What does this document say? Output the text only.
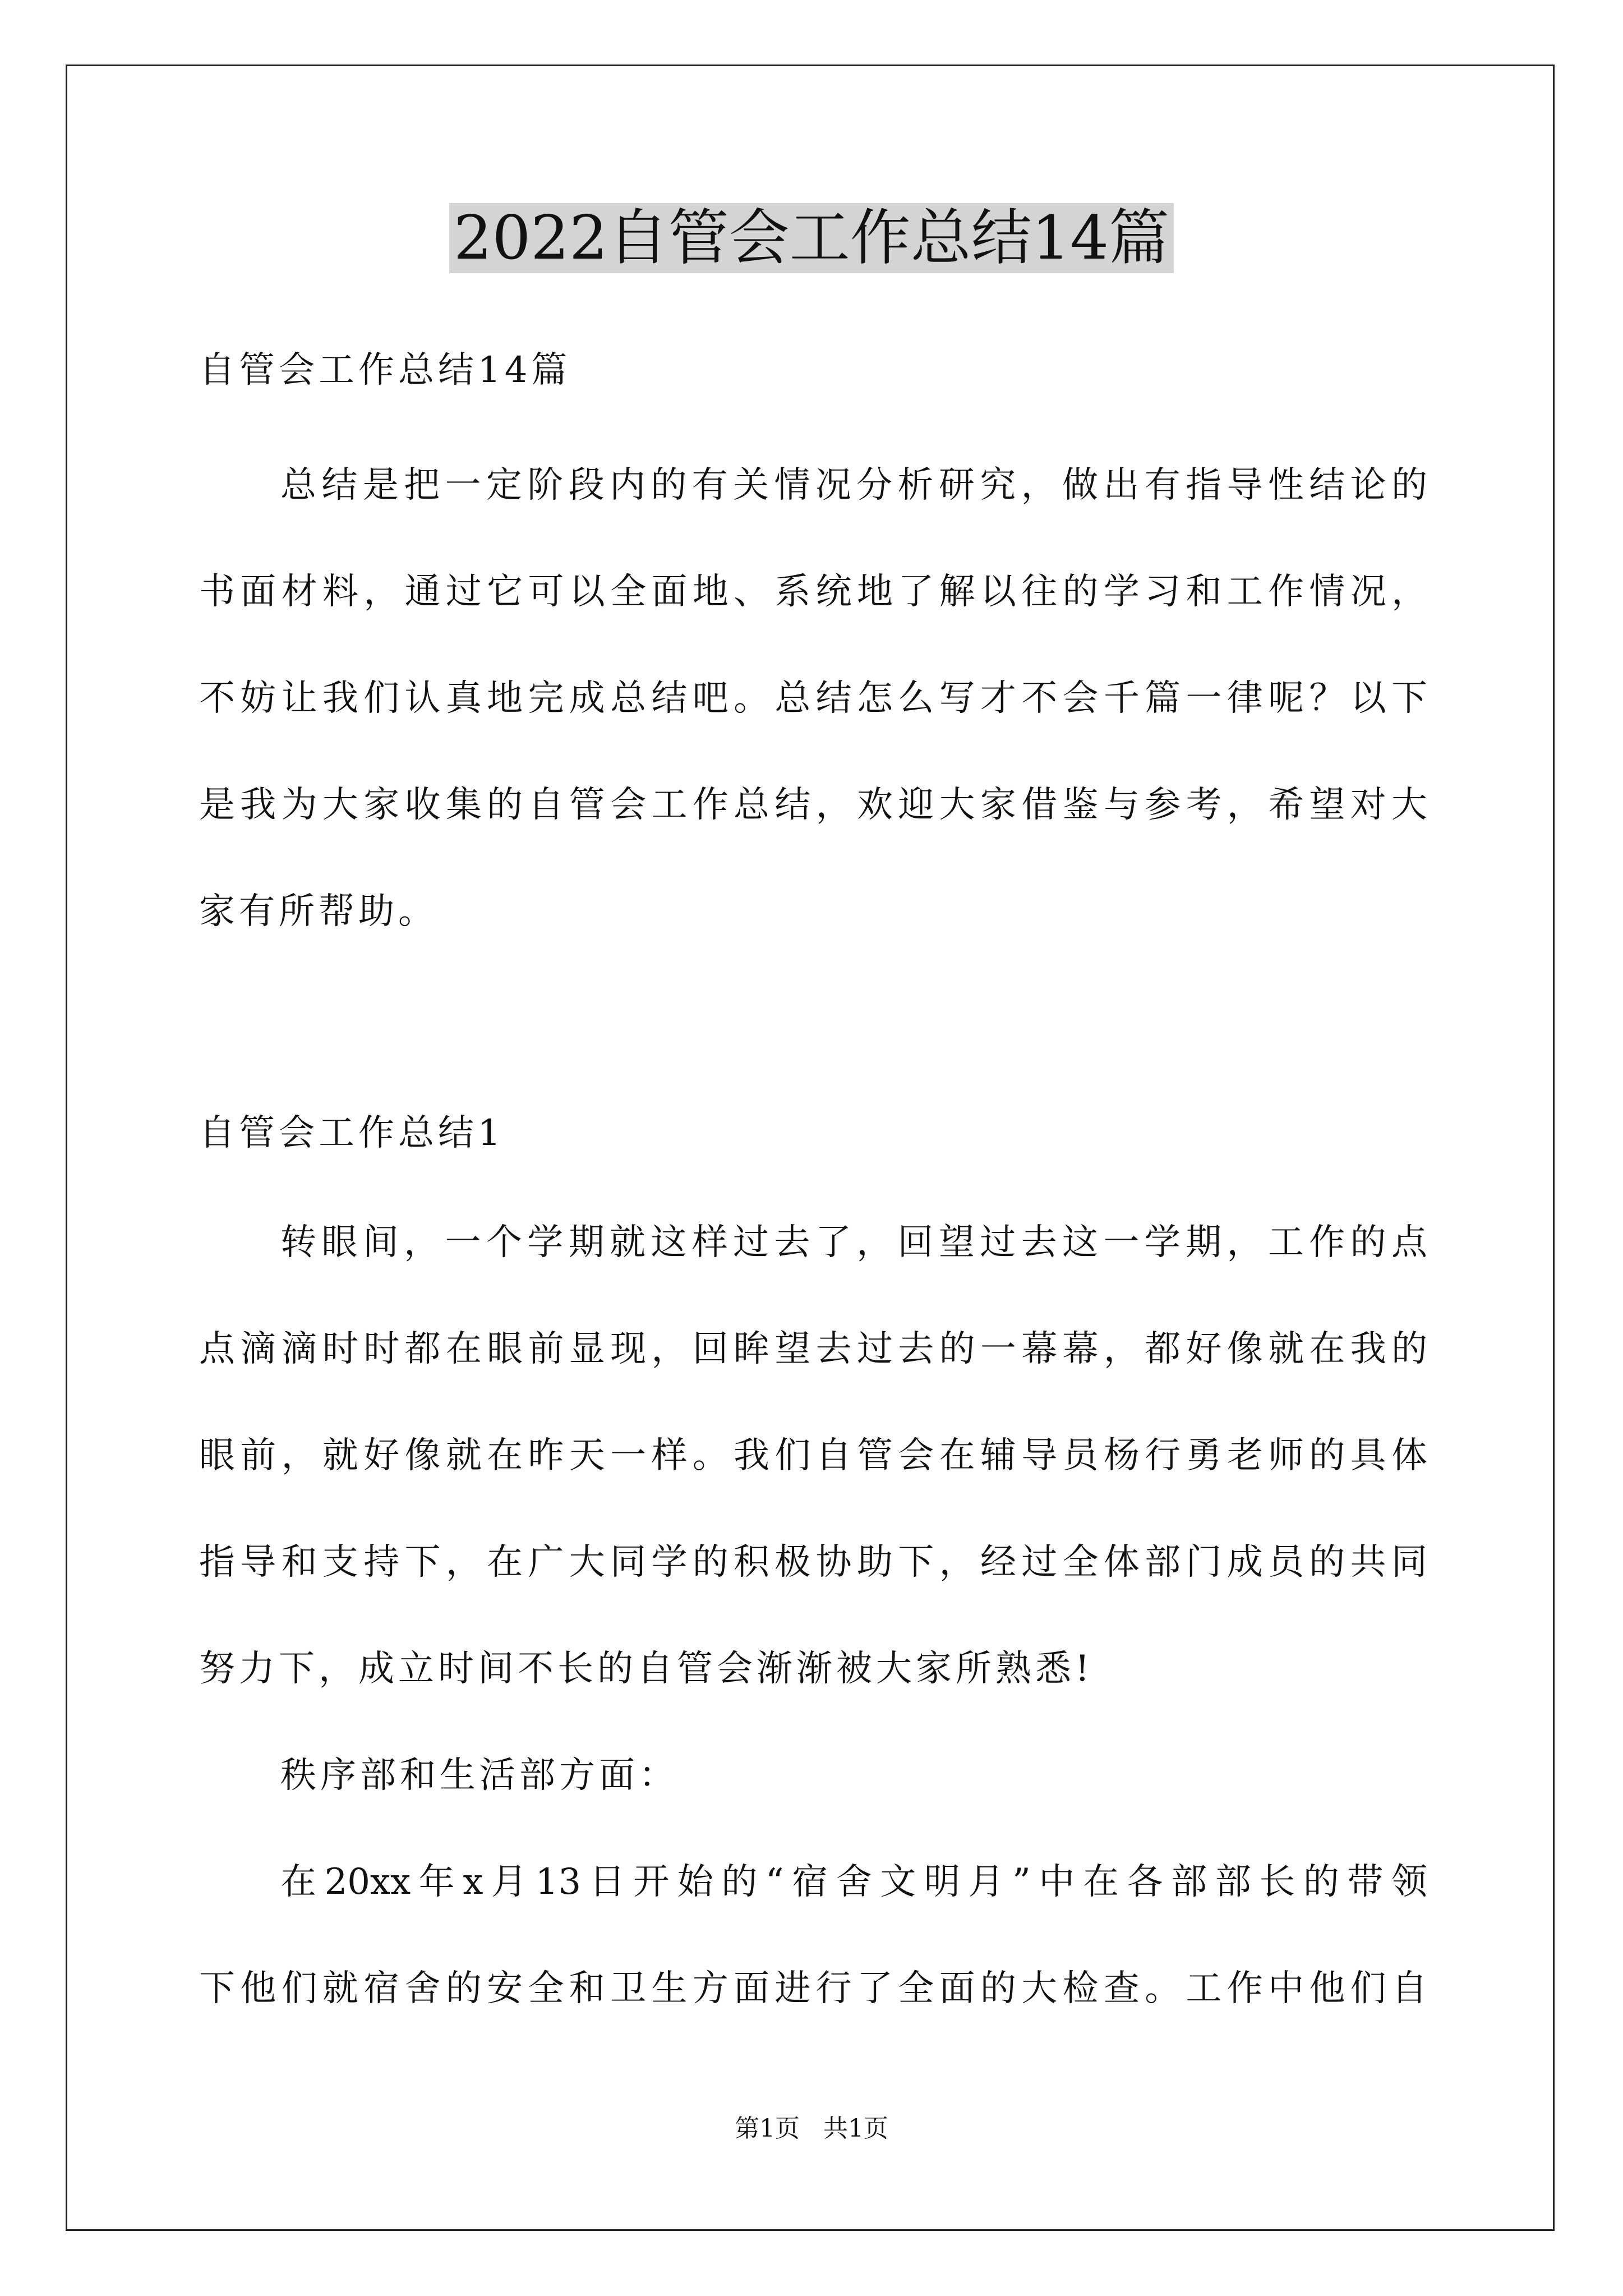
2022自管会工作总结14篇
自管会工作总结14篇
总结是把一定阶段内的有关情况分析研究，做出有指导性结论的
书面材料，通过它可以全面地、系统地了解以往的学习和工作情况，
不妨让我们认真地完成总结吧。总结怎么写才不会千篇一律呢？以下
是我为大家收集的自管会工作总结，欢迎大家借鉴与参考，希望对大
家有所帮助。
自管会工作总结1
转眼间，一个学期就这样过去了，回望过去这一学期，工作的点
点滴滴时时都在眼前显现，回眸望去过去的一幕幕，都好像就在我的
眼前，就好像就在昨天一样。我们自管会在辅导员杨行勇老师的具体
指导和支持下，在广大同学的积极协助下，经过全体部门成员的共同
努力下，成立时间不长的自管会渐渐被大家所熟悉!
秩序部和生活部方面：
在20xx年x月13日开始的“宿舍文明月”中在各部部长的带领
下他们就宿舍的安全和卫生方面进行了全面的大检查。工作中他们自
第1页   共1页
